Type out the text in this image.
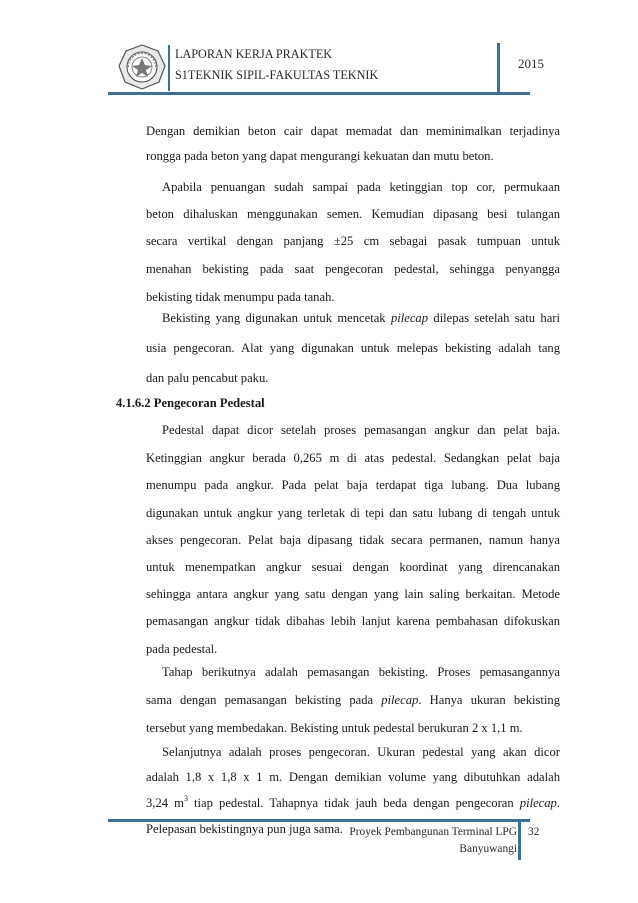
LAPORAN KERJA PRAKTEK
S1TEKNIK SIPIL-FAKULTAS TEKNIK
2015
Dengan demikian beton cair dapat memadat dan meminimalkan terjadinya
rongga pada beton yang dapat mengurangi kekuatan dan mutu beton.
Apabila penuangan sudah sampai pada ketinggian top cor, permukaan
beton dihaluskan menggunakan semen. Kemudian dipasang besi tulangan
secara vertikal dengan panjang ±25 cm sebagai pasak tumpuan untuk
menahan bekisting pada saat pengecoran pedestal, sehingga penyangga
bekisting tidak menumpu pada tanah.
Bekisting yang digunakan untuk mencetak pilecap dilepas setelah satu hari
usia pengecoran. Alat yang digunakan untuk melepas bekisting adalah tang
dan palu pencabut paku.
4.1.6.2 Pengecoran Pedestal
Pedestal dapat dicor setelah proses pemasangan angkur dan pelat baja.
Ketinggian angkur berada 0,265 m di atas pedestal. Sedangkan pelat baja
menumpu pada angkur. Pada pelat baja terdapat tiga lubang. Dua lubang
digunakan untuk angkur yang terletak di tepi dan satu lubang di tengah untuk
akses pengecoran. Pelat baja dipasang tidak secara permanen, namun hanya
untuk menempatkan angkur sesuai dengan koordinat yang direncanakan
sehingga antara angkur yang satu dengan yang lain saling berkaitan. Metode
pemasangan angkur tidak dibahas lebih lanjut karena pembahasan difokuskan
pada pedestal.
Tahap berikutnya adalah pemasangan bekisting. Proses pemasangannya
sama dengan pemasangan bekisting pada pilecap. Hanya ukuran bekisting
tersebut yang membedakan. Bekisting untuk pedestal berukuran 2 x 1,1 m.
Selanjutnya adalah proses pengecoran. Ukuran pedestal yang akan dicor
adalah 1,8 x 1,8 x 1 m. Dengan demikian volume yang dibutuhkan adalah
3,24 $m^3$ tiap pedestal. Tahapnya tidak jauh beda dengan pengecoran pilecap.
Pelepasan bekistingnya pun juga sama. Proyek Pembangunan Terminal LPG
Banyuwangi
32
